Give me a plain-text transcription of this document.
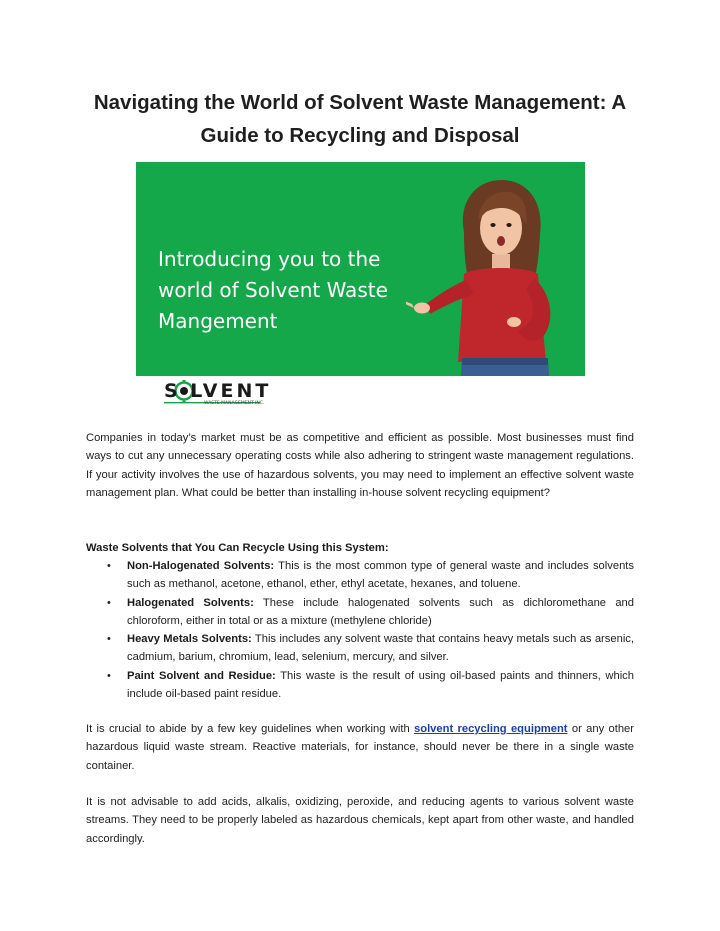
Navigating the World of Solvent Waste Management: A
Guide to Recycling and Disposal
Introducing you to the
world of Solvent Waste
Mangement
S LVENT
WASTE MANAGEMENT INC.

Companies in today’s market must be as competitive and efficient as possible. Most businesses must find ways to cut any unnecessary operating costs while also adhering to stringent waste management regulations. If your activity involves the use of hazardous solvents, you may need to implement an effective solvent waste management plan. What could be better than installing in-house solvent recycling equipment?

Waste Solvents that You Can Recycle Using this System:
• Non-Halogenated Solvents: This is the most common type of general waste and includes solvents such as methanol, acetone, ethanol, ether, ethyl acetate, hexanes, and toluene.
• Halogenated Solvents: These include halogenated solvents such as dichloromethane and chloroform, either in total or as a mixture (methylene chloride)
• Heavy Metals Solvents: This includes any solvent waste that contains heavy metals such as arsenic, cadmium, barium, chromium, lead, selenium, mercury, and silver.
• Paint Solvent and Residue: This waste is the result of using oil-based paints and thinners, which include oil-based paint residue.

It is crucial to abide by a few key guidelines when working with solvent recycling equipment or any other hazardous liquid waste stream. Reactive materials, for instance, should never be there in a single waste container.

It is not advisable to add acids, alkalis, oxidizing, peroxide, and reducing agents to various solvent waste streams. They need to be properly labeled as hazardous chemicals, kept apart from other waste, and handled accordingly.
